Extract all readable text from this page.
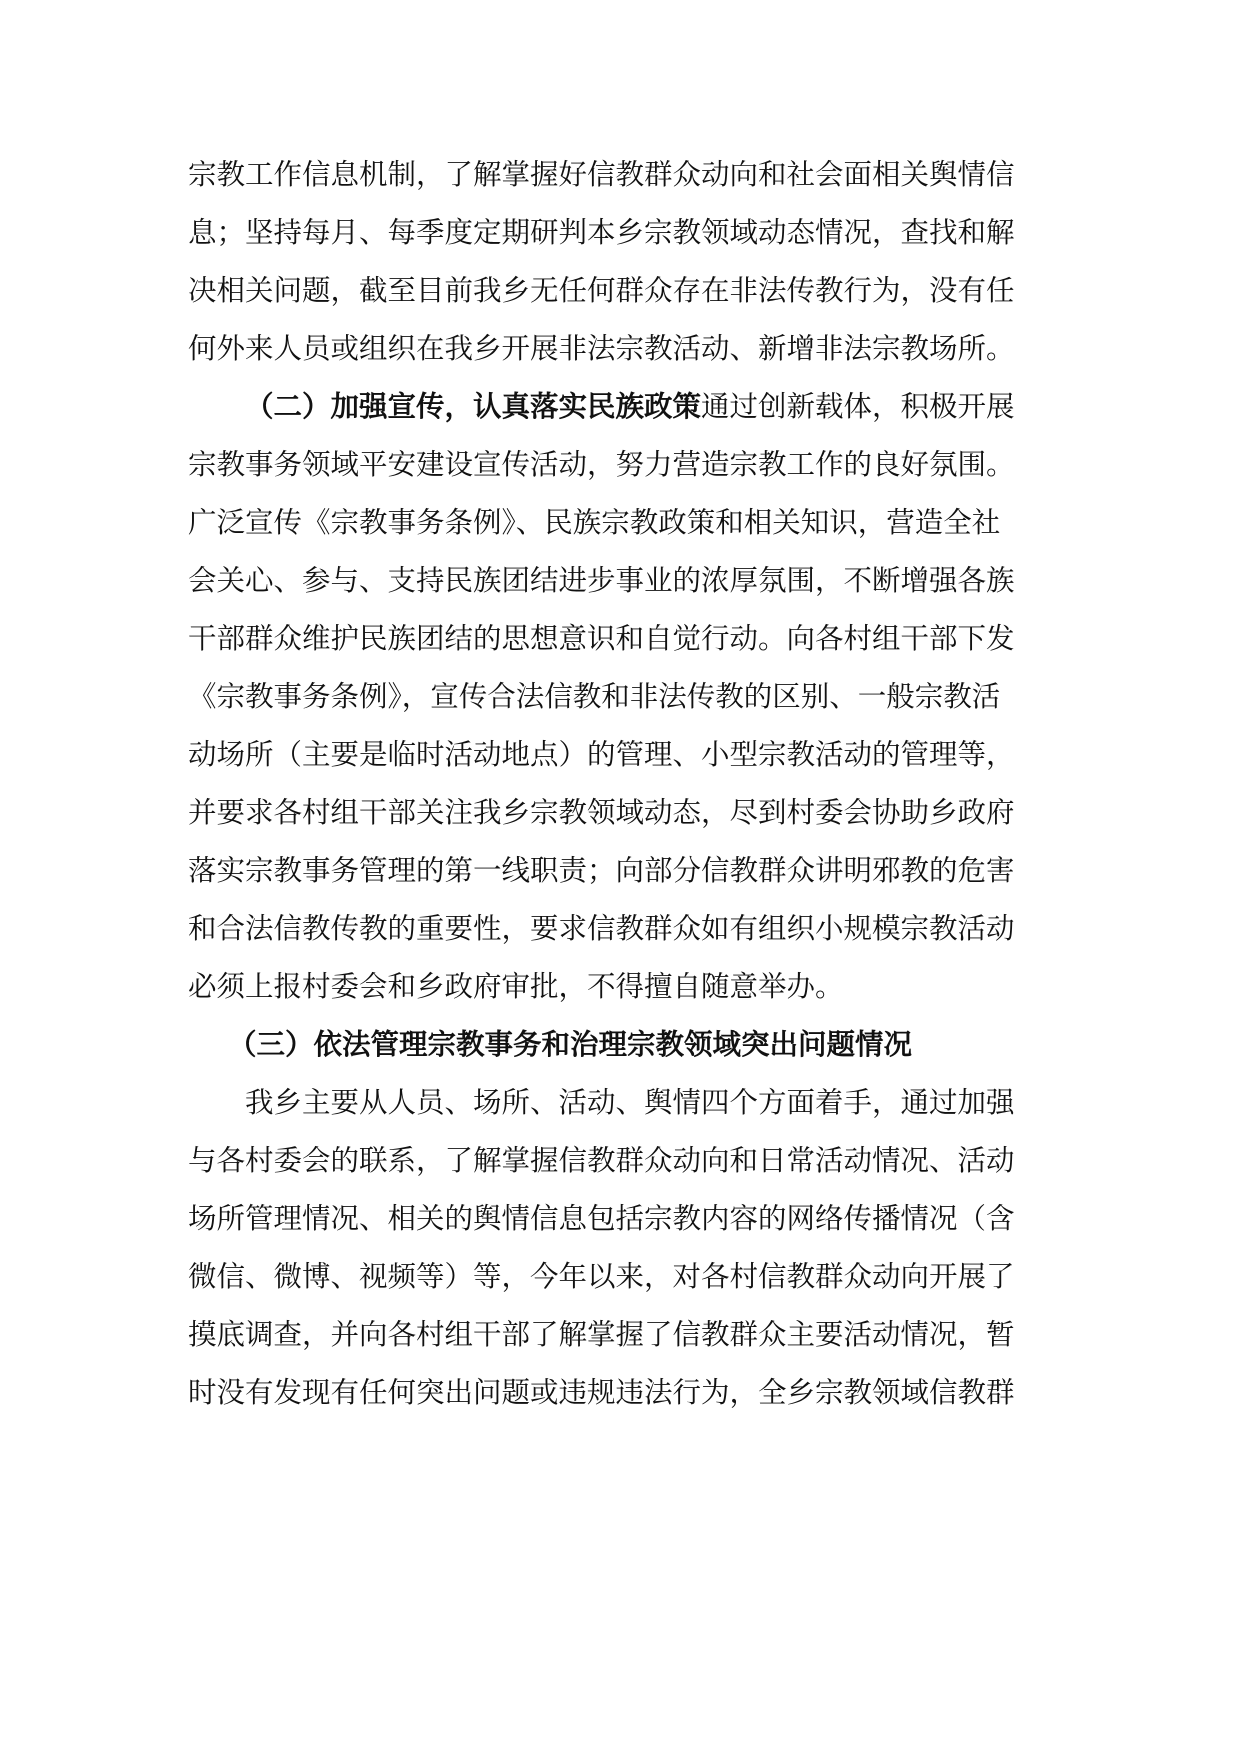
宗教工作信息机制，了解掌握好信教群众动向和社会面相关舆情信
息；坚持每月、每季度定期研判本乡宗教领域动态情况，查找和解
决相关问题，截至目前我乡无任何群众存在非法传教行为，没有任
何外来人员或组织在我乡开展非法宗教活动、新增非法宗教场所。
（二）加强宣传，认真落实民族政策通过创新载体，积极开展
宗教事务领域平安建设宣传活动，努力营造宗教工作的良好氛围。
广泛宣传《宗教事务条例》、民族宗教政策和相关知识，营造全社
会关心、参与、支持民族团结进步事业的浓厚氛围，不断增强各族
干部群众维护民族团结的思想意识和自觉行动。向各村组干部下发
《宗教事务条例》，宣传合法信教和非法传教的区别、一般宗教活
动场所（主要是临时活动地点）的管理、小型宗教活动的管理等，
并要求各村组干部关注我乡宗教领域动态，尽到村委会协助乡政府
落实宗教事务管理的第一线职责；向部分信教群众讲明邪教的危害
和合法信教传教的重要性，要求信教群众如有组织小规模宗教活动
必须上报村委会和乡政府审批，不得擅自随意举办。
（三）依法管理宗教事务和治理宗教领域突出问题情况
我乡主要从人员、场所、活动、舆情四个方面着手，通过加强
与各村委会的联系，了解掌握信教群众动向和日常活动情况、活动
场所管理情况、相关的舆情信息包括宗教内容的网络传播情况（含
微信、微博、视频等）等，今年以来，对各村信教群众动向开展了
摸底调查，并向各村组干部了解掌握了信教群众主要活动情况，暂
时没有发现有任何突出问题或违规违法行为，全乡宗教领域信教群
